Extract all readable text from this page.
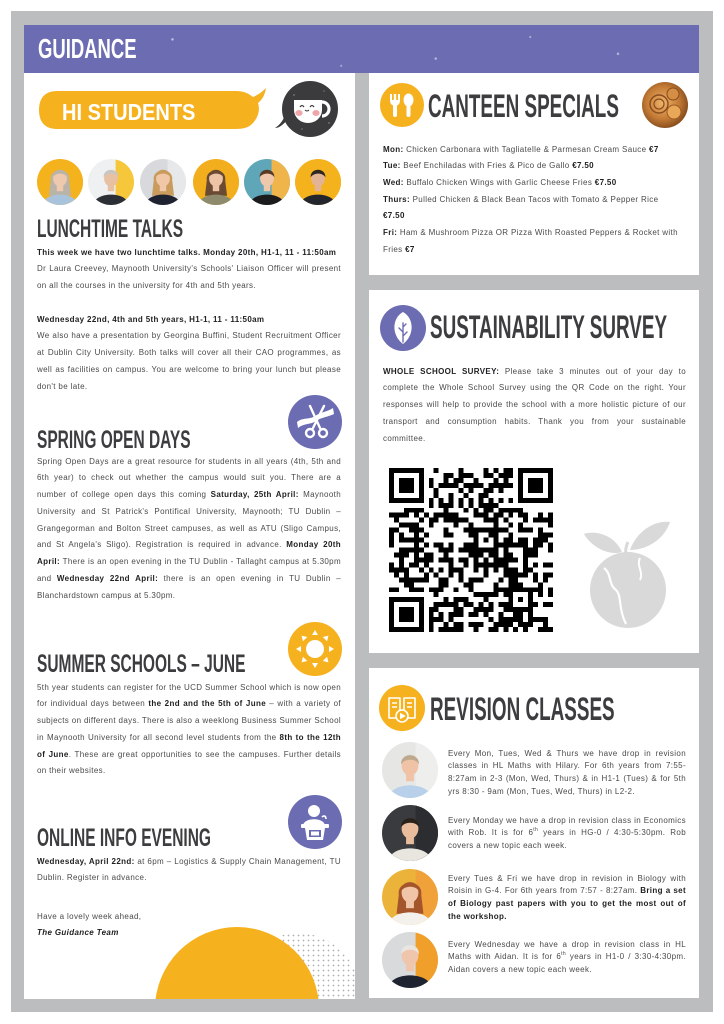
GUIDANCE
HI STUDENTS
LUNCHTIME TALKS
This week we have two lunchtime talks. Monday 20th, H1-1, 11 - 11:50am
Dr Laura Creevey, Maynooth University's Schools' Liaison Officer will present on all the courses in the university for 4th and 5th years.
Wednesday 22nd, 4th and 5th years, H1-1, 11 - 11:50am
We also have a presentation by Georgina Buffini, Student Recruitment Officer at Dublin City University. Both talks will cover all their CAO programmes, as well as facilities on campus. You are welcome to bring your lunch but please don't be late.
SPRING OPEN DAYS
Spring Open Days are a great resource for students in all years (4th, 5th and 6th year) to check out whether the campus would suit you. There are a number of college open days this coming Saturday, 25th April: Maynooth University and St Patrick's Pontifical University, Maynooth; TU Dublin – Grangegorman and Bolton Street campuses, as well as ATU (Sligo Campus, and St Angela's Sligo). Registration is required in advance. Monday 20th April: There is an open evening in the TU Dublin - Tallaght campus at 5.30pm and Wednesday 22nd April: there is an open evening in TU Dublin – Blanchardstown campus at 5.30pm.
SUMMER SCHOOLS – JUNE
5th year students can register for the UCD Summer School which is now open for individual days between the 2nd and the 5th of June – with a variety of subjects on different days. There is also a weeklong Business Summer School in Maynooth University for all second level students from the 8th to the 12th of June. These are great opportunities to see the campuses. Further details on their websites.
ONLINE INFO EVENING
Wednesday, April 22nd: at 6pm – Logistics & Supply Chain Management, TU Dublin. Register in advance.
Have a lovely week ahead,
The Guidance Team
CANTEEN SPECIALS
Mon: Chicken Carbonara with Tagliatelle & Parmesan Cream Sauce €7
Tue: Beef Enchiladas with Fries & Pico de Gallo €7.50
Wed: Buffalo Chicken Wings with Garlic Cheese Fries €7.50
Thurs: Pulled Chicken & Black Bean Tacos with Tomato & Pepper Rice €7.50
Fri: Ham & Mushroom Pizza OR Pizza With Roasted Peppers & Rocket with Fries €7
SUSTAINABILITY SURVEY
WHOLE SCHOOL SURVEY: Please take 3 minutes out of your day to complete the Whole School Survey using the QR Code on the right. Your responses will help to provide the school with a more holistic picture of our transport and consumption habits. Thank you from your sustainable committee.
REVISION CLASSES
Every Mon, Tues, Wed & Thurs we have drop in revision classes in HL Maths with Hilary. For 6th years from 7:55-8:27am in 2-3 (Mon, Wed, Thurs) & in H1-1 (Tues) & for 5th yrs 8:30 - 9am (Mon, Tues, Wed, Thurs) in L2-2.
Every Monday we have a drop in revision class in Economics with Rob. It is for 6th years in HG-0 / 4:30-5:30pm. Rob covers a new topic each week.
Every Tues & Fri we have drop in revision in Biology with Roisin in G-4. For 6th years from 7:57 - 8:27am. Bring a set of Biology past papers with you to get the most out of the workshop.
Every Wednesday we have a drop in revision class in HL Maths with Aidan. It is for 6th years in H1-0 / 3:30-4:30pm. Aidan covers a new topic each week.
